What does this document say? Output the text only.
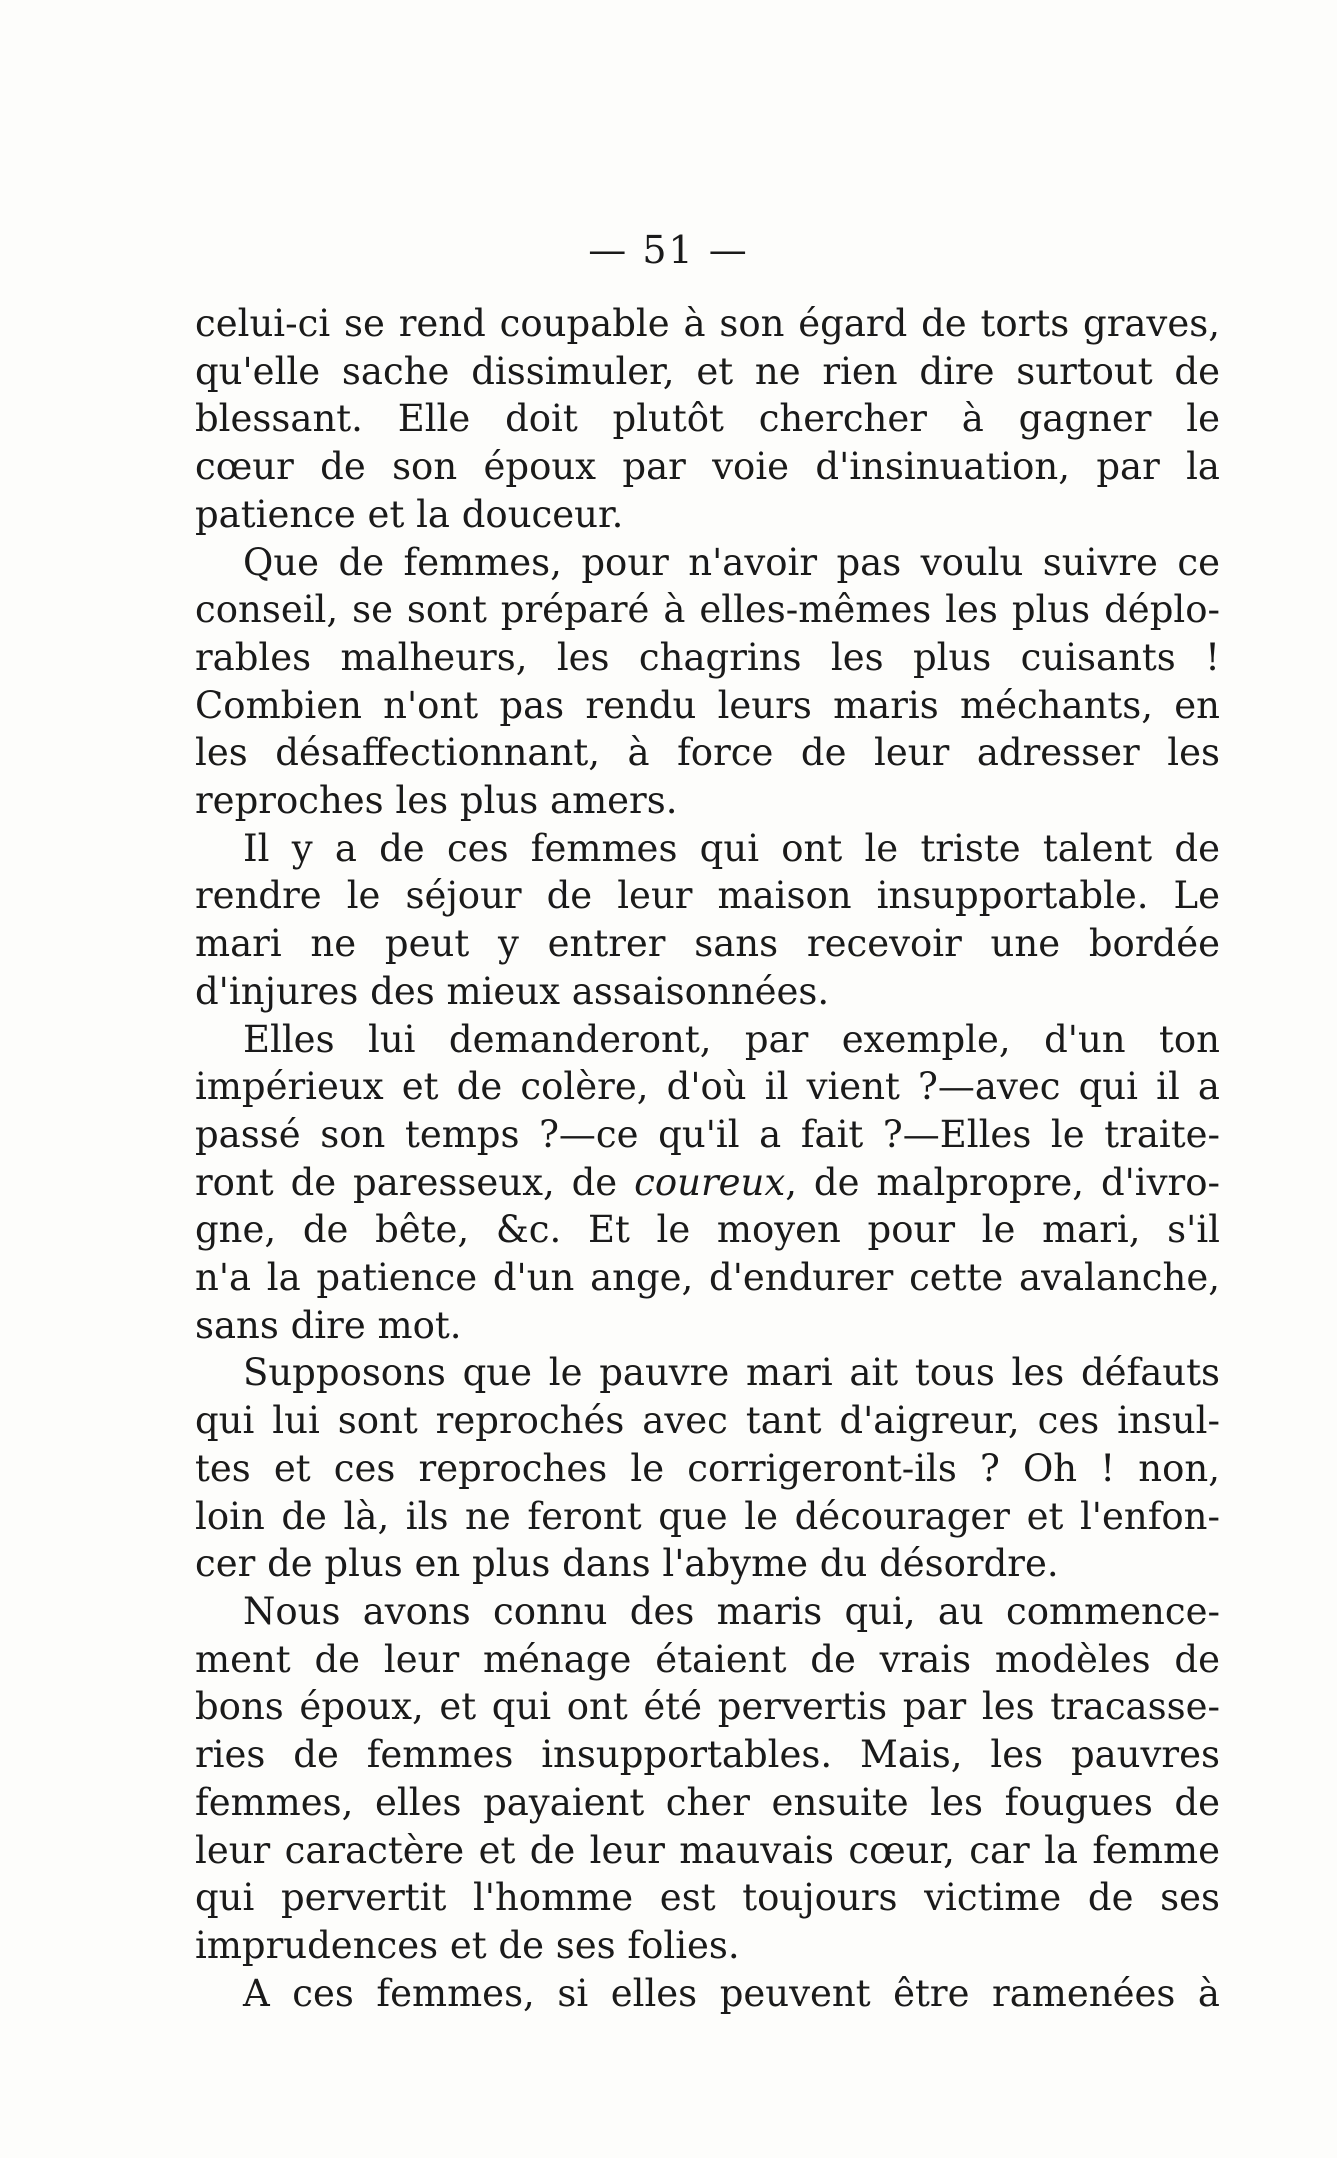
— 51 —
celui-ci se rend coupable à son égard de torts graves,
qu'elle sache dissimuler, et ne rien dire surtout de
blessant. Elle doit plutôt chercher à gagner le
cœur de son époux par voie d'insinuation, par la
patience et la douceur.
Que de femmes, pour n'avoir pas voulu suivre ce
conseil, se sont préparé à elles-mêmes les plus déplo-
rables malheurs, les chagrins les plus cuisants !
Combien n'ont pas rendu leurs maris méchants, en
les désaffectionnant, à force de leur adresser les
reproches les plus amers.
Il y a de ces femmes qui ont le triste talent de
rendre le séjour de leur maison insupportable. Le
mari ne peut y entrer sans recevoir une bordée
d'injures des mieux assaisonnées.
Elles lui demanderont, par exemple, d'un ton
impérieux et de colère, d'où il vient ?—avec qui il a
passé son temps ?—ce qu'il a fait ?—Elles le traite-
ront de paresseux, de coureux, de malpropre, d'ivro-
gne, de bête, &c. Et le moyen pour le mari, s'il
n'a la patience d'un ange, d'endurer cette avalanche,
sans dire mot.
Supposons que le pauvre mari ait tous les défauts
qui lui sont reprochés avec tant d'aigreur, ces insul-
tes et ces reproches le corrigeront-ils ? Oh ! non,
loin de là, ils ne feront que le décourager et l'enfon-
cer de plus en plus dans l'abyme du désordre.
Nous avons connu des maris qui, au commence-
ment de leur ménage étaient de vrais modèles de
bons époux, et qui ont été pervertis par les tracasse-
ries de femmes insupportables. Mais, les pauvres
femmes, elles payaient cher ensuite les fougues de
leur caractère et de leur mauvais cœur, car la femme
qui pervertit l'homme est toujours victime de ses
imprudences et de ses folies.
A ces femmes, si elles peuvent être ramenées à
